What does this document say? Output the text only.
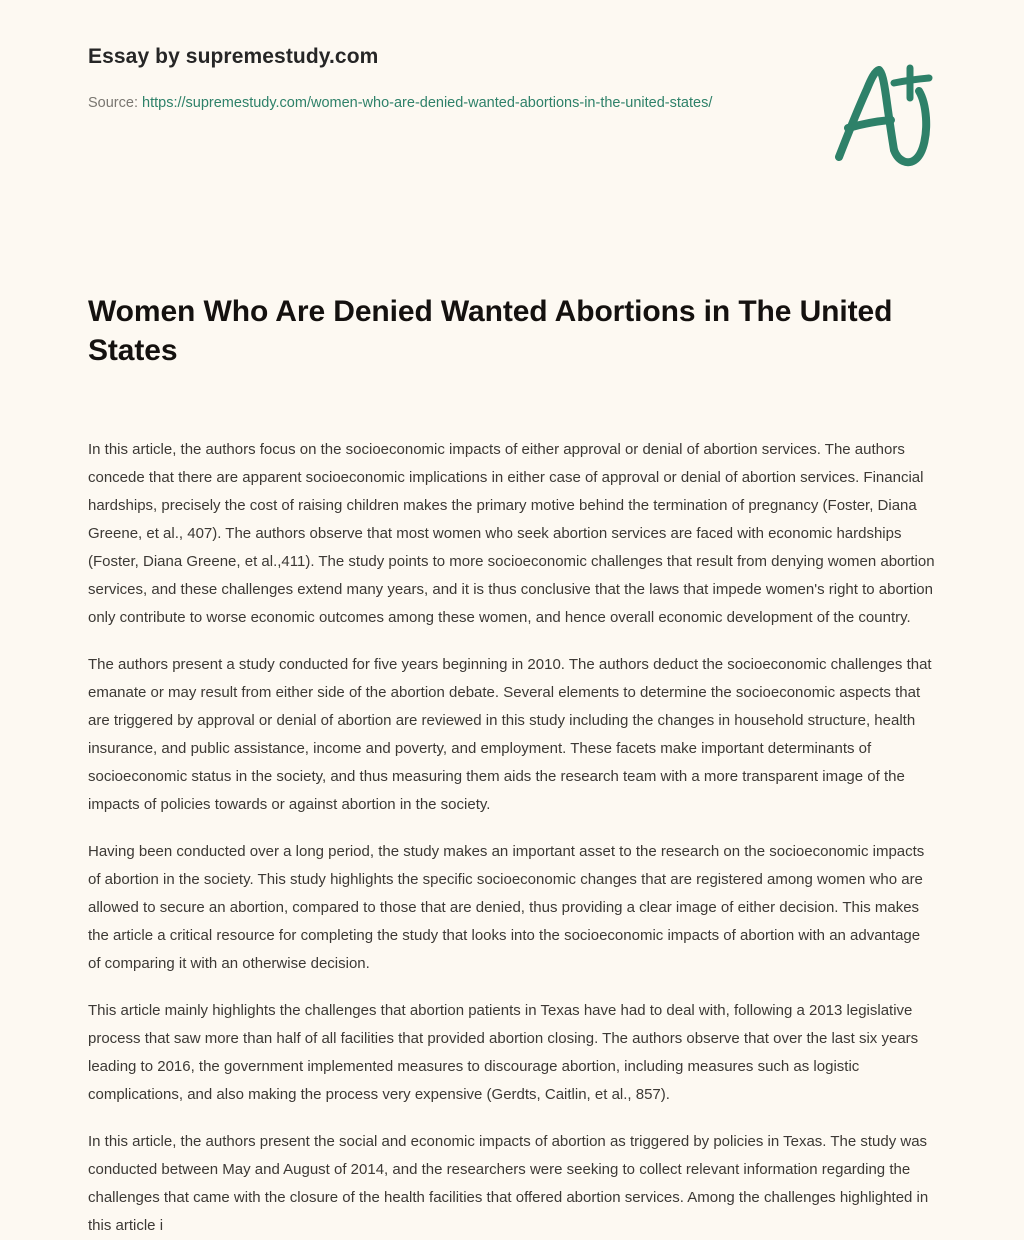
Essay by supremestudy.com
Source: https://supremestudy.com/women-who-are-denied-wanted-abortions-in-the-united-states/
Women Who Are Denied Wanted Abortions in The United States

In this article, the authors focus on the socioeconomic impacts of either approval or denial of abortion services. The authors concede that there are apparent socioeconomic implications in either case of approval or denial of abortion services. Financial hardships, precisely the cost of raising children makes the primary motive behind the termination of pregnancy (Foster, Diana Greene, et al., 407). The authors observe that most women who seek abortion services are faced with economic hardships (Foster, Diana Greene, et al.,411). The study points to more socioeconomic challenges that result from denying women abortion services, and these challenges extend many years, and it is thus conclusive that the laws that impede women's right to abortion only contribute to worse economic outcomes among these women, and hence overall economic development of the country.

The authors present a study conducted for five years beginning in 2010. The authors deduct the socioeconomic challenges that emanate or may result from either side of the abortion debate. Several elements to determine the socioeconomic aspects that are triggered by approval or denial of abortion are reviewed in this study including the changes in household structure, health insurance, and public assistance, income and poverty, and employment. These facets make important determinants of socioeconomic status in the society, and thus measuring them aids the research team with a more transparent image of the impacts of policies towards or against abortion in the society.

Having been conducted over a long period, the study makes an important asset to the research on the socioeconomic impacts of abortion in the society. This study highlights the specific socioeconomic changes that are registered among women who are allowed to secure an abortion, compared to those that are denied, thus providing a clear image of either decision. This makes the article a critical resource for completing the study that looks into the socioeconomic impacts of abortion with an advantage of comparing it with an otherwise decision.

This article mainly highlights the challenges that abortion patients in Texas have had to deal with, following a 2013 legislative process that saw more than half of all facilities that provided abortion closing. The authors observe that over the last six years leading to 2016, the government implemented measures to discourage abortion, including measures such as logistic complications, and also making the process very expensive (Gerdts, Caitlin, et al., 857).

In this article, the authors present the social and economic impacts of abortion as triggered by policies in Texas. The study was conducted between May and August of 2014, and the researchers were seeking to collect relevant information regarding the challenges that came with the closure of the health facilities that offered abortion services. Among the challenges highlighted in this article i
